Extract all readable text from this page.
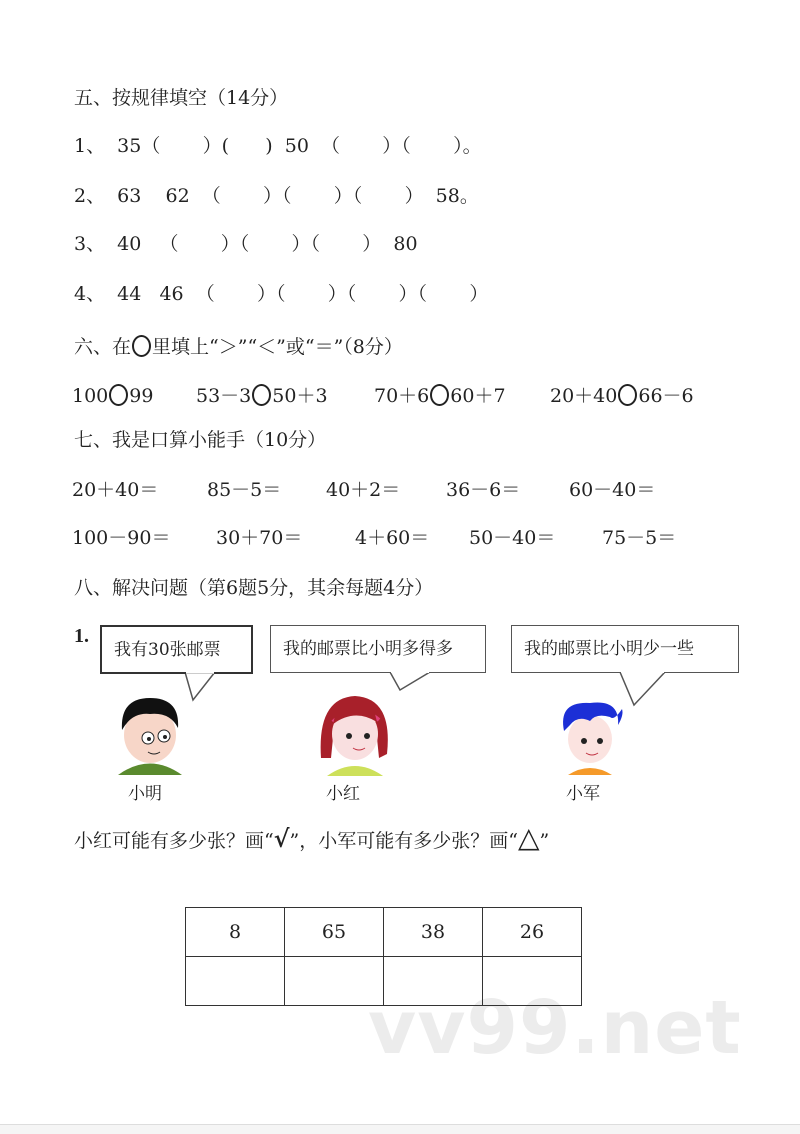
vv99.net
五、按规律填空（14分）
1、  35（       ）(      )  50  （       ）（       ）。
2、  63    62  （       ）（       ）（       ）  58。
3、  40   （       ）（       ）（       ）  80
4、  44   46  （       ）（       ）（       ）（       ）
六、在 里填上“＞”“＜”或“＝”（8分）
100 99 53－3 50＋3 70＋6 60＋7 20＋40 66－6
七、我是口算小能手（10分）
20＋40＝	85－5＝ 40＋2＝ 36－6＝	60－40＝
100－90＝ 30＋70＝	4＋60＝ 50－40＝ 75－5＝
八、解决问题（第6题5分，其余每题4分）
1.
我有30张邮票	我的邮票比小明多得多	我的邮票比小明少一些
小明	小红	小军
小红可能有多少张？画“√”，小军可能有多少张？画“△”
8	65	38	26
